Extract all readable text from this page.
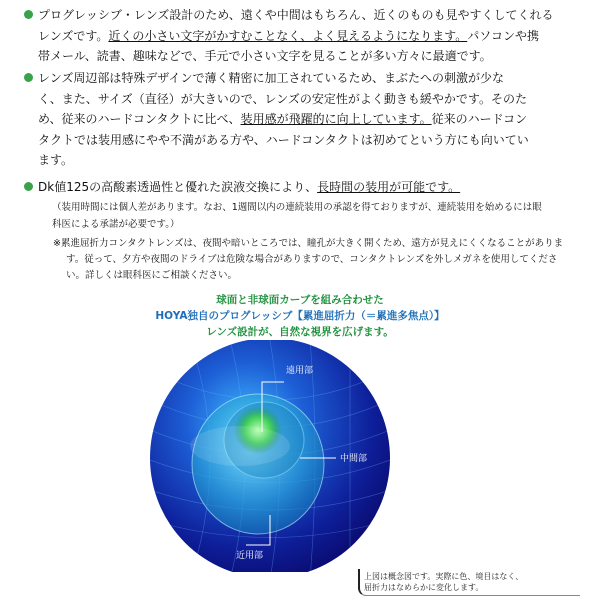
プログレッシブ・レンズ設計のため、遠くや中間はもちろん、近くのものも見やすくしてくれる
レンズです。近くの小さい文字がかすむことなく、よく見えるようになります。パソコンや携
帯メール、読書、趣味などで、手元で小さい文字を見ることが多い方々に最適です。
レンズ周辺部は特殊デザインで薄く精密に加工されているため、まぶたへの刺激が少な
く、また、サイズ（直径）が大きいので、レンズの安定性がよく動きも緩やかです。そのた
め、従来のハードコンタクトに比べ、装用感が飛躍的に向上しています。従来のハードコン
タクトでは装用感にやや不満がある方や、ハードコンタクトは初めてという方にも向いてい
ます。
Dk値125の高酸素透過性と優れた涙液交換により、長時間の装用が可能です。
（装用時間には個人差があります。なお、1週間以内の連続装用の承認を得ておりますが、連続装用を始めるには眼
科医による承諾が必要です。）
※累進屈折力コンタクトレンズは、夜間や暗いところでは、瞳孔が大きく開くため、遠方が見えにくくなることがありま
す。従って、夕方や夜間のドライブは危険な場合がありますので、コンタクトレンズを外しメガネを使用してくださ
い。詳しくは眼科医にご相談ください。
球面と非球面カーブを組み合わせた
HOYA独自のプログレッシブ【累進屈折力（＝累進多焦点）】
レンズ設計が、自然な視界を広げます。
遠用部
中間部
近用部
上図は概念図です。実際に色、境目はなく、
屈折力はなめらかに変化します。
